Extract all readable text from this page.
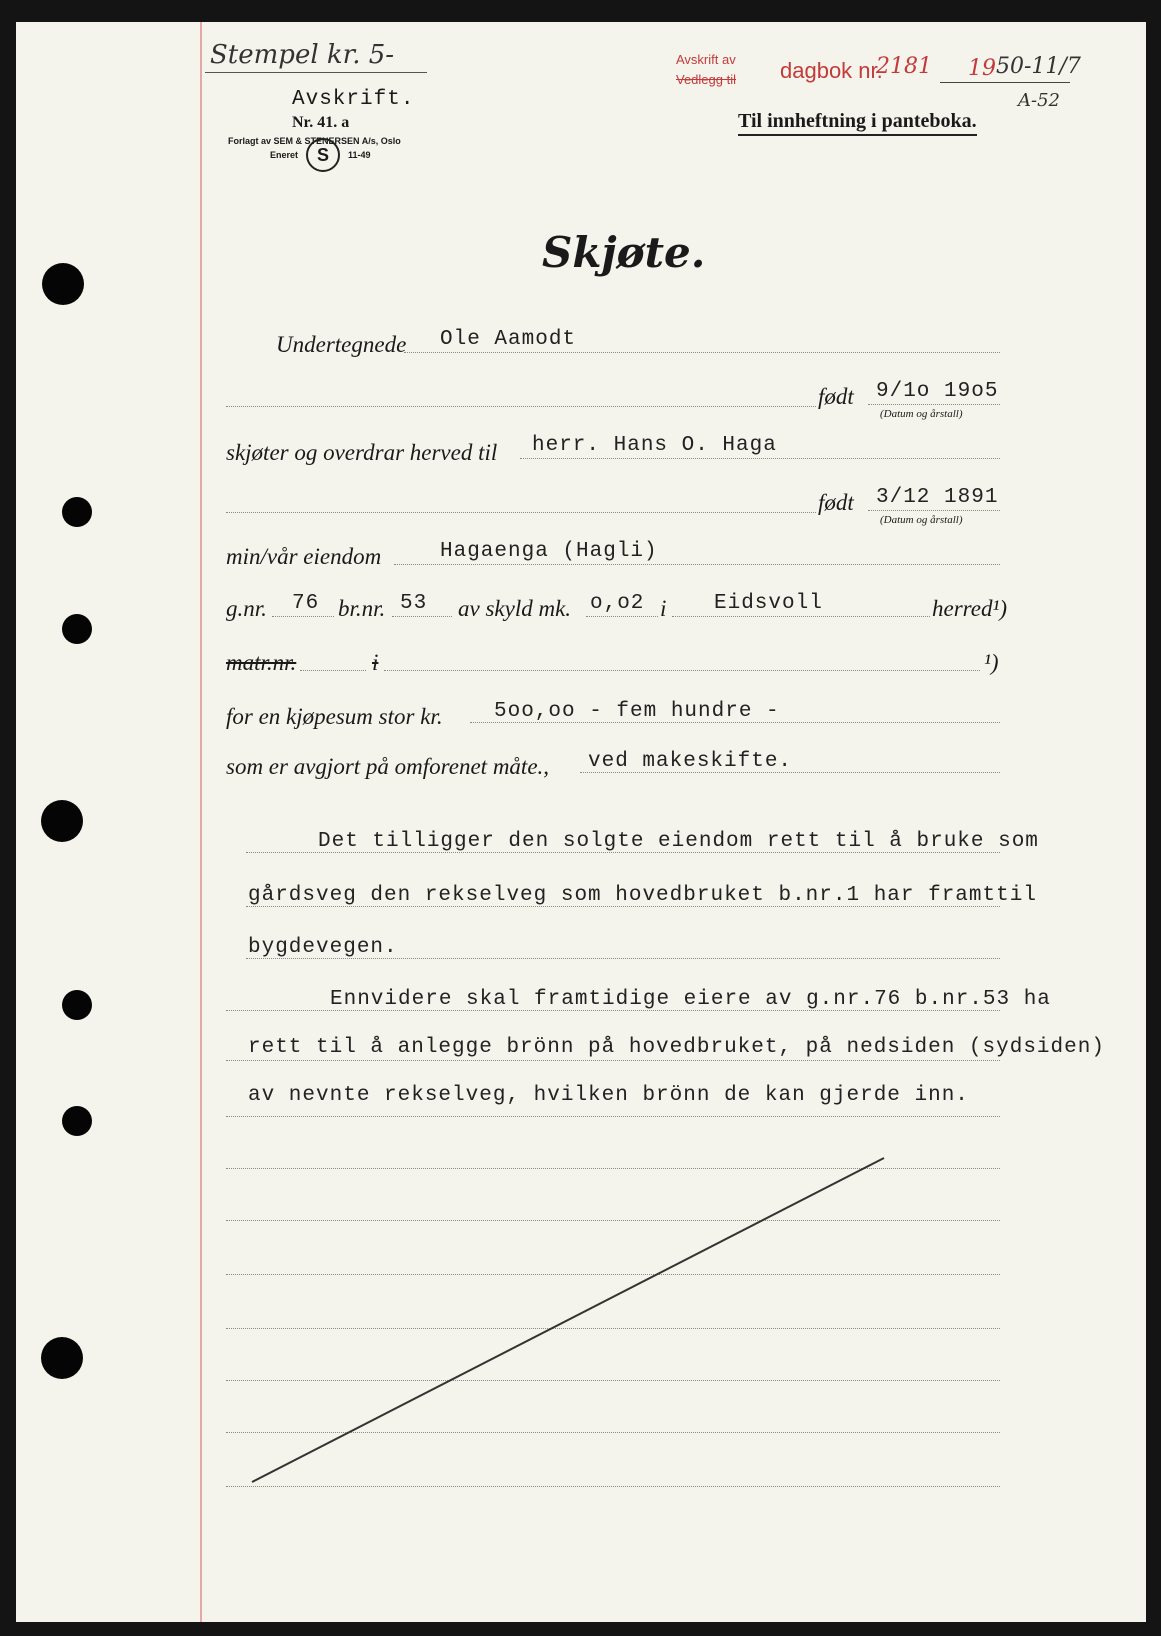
Stempel kr. 5-
Avskrift.
Nr. 41. a
Forlagt av SEM & STENERSEN A/s, Oslo
Eneret	S	11-49
Avskrift av
Vedlegg til dagbok nr.
2181 19 50-11/7
A-52
Til innheftning i panteboka.
Skjøte.
Undertegnede Ole Aamodt
født 9/1o 19o5
(Datum og årstall)
skjøter og overdrar herved til herr. Hans O. Haga
født 3/12 1891
(Datum og årstall)
min/vår eiendom	Hagaenga (Hagli)
g.nr. 76 br.nr. 53 av skyld mk. o,o2 i Eidsvoll	herred¹)
matr.nr.	i	¹)
for en kjøpesum stor kr. 5oo,oo - fem hundre -
som er avgjort på omforenet måte., ved makeskifte.
Det tilligger den solgte eiendom rett til å bruke som
gårdsveg den rekselveg som hovedbruket b.nr.1 har framttil
bygdevegen.
Ennvidere skal framtidige eiere av g.nr.76 b.nr.53 ha
rett til å anlegge brönn på hovedbruket, på nedsiden (sydsiden)
av nevnte rekselveg, hvilken brönn de kan gjerde inn.
